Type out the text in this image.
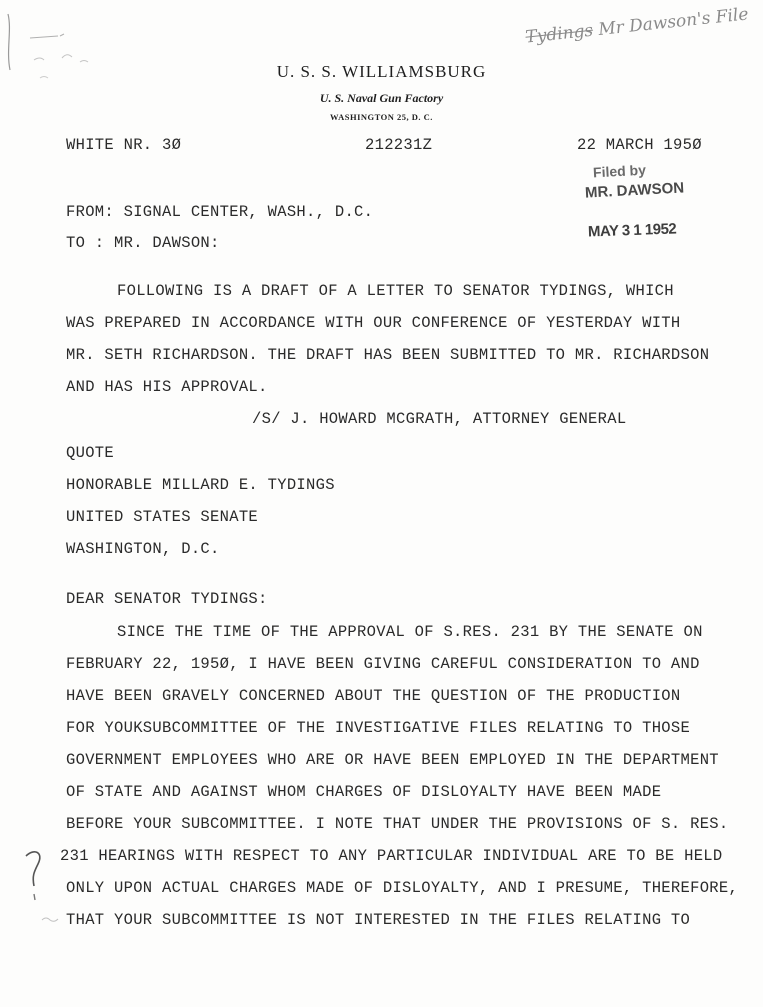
Tydings Mr Dawson's File
U. S. S. WILLIAMSBURG
U. S. Naval Gun Factory
WASHINGTON 25, D. C.
WHITE NR. 3Ø	212231Z	22 MARCH 195Ø
Filed by
MR. DAWSON
MAY 3 1 1952
FROM: SIGNAL CENTER, WASH., D.C.
TO : MR. DAWSON:
FOLLOWING IS A DRAFT OF A LETTER TO SENATOR TYDINGS, WHICH
WAS PREPARED IN ACCORDANCE WITH OUR CONFERENCE OF YESTERDAY WITH
MR. SETH RICHARDSON. THE DRAFT HAS BEEN SUBMITTED TO MR. RICHARDSON
AND HAS HIS APPROVAL.
/S/ J. HOWARD MCGRATH, ATTORNEY GENERAL
QUOTE
HONORABLE MILLARD E. TYDINGS
UNITED STATES SENATE
WASHINGTON, D.C.
DEAR SENATOR TYDINGS:
SINCE THE TIME OF THE APPROVAL OF S.RES. 231 BY THE SENATE ON
FEBRUARY 22, 195Ø, I HAVE BEEN GIVING CAREFUL CONSIDERATION TO AND
HAVE BEEN GRAVELY CONCERNED ABOUT THE QUESTION OF THE PRODUCTION
FOR YOUKSUBCOMMITTEE OF THE INVESTIGATIVE FILES RELATING TO THOSE
GOVERNMENT EMPLOYEES WHO ARE OR HAVE BEEN EMPLOYED IN THE DEPARTMENT
OF STATE AND AGAINST WHOM CHARGES OF DISLOYALTY HAVE BEEN MADE
BEFORE YOUR SUBCOMMITTEE. I NOTE THAT UNDER THE PROVISIONS OF S. RES.
231 HEARINGS WITH RESPECT TO ANY PARTICULAR INDIVIDUAL ARE TO BE HELD
ONLY UPON ACTUAL CHARGES MADE OF DISLOYALTY, AND I PRESUME, THEREFORE,
THAT YOUR SUBCOMMITTEE IS NOT INTERESTED IN THE FILES RELATING TO
